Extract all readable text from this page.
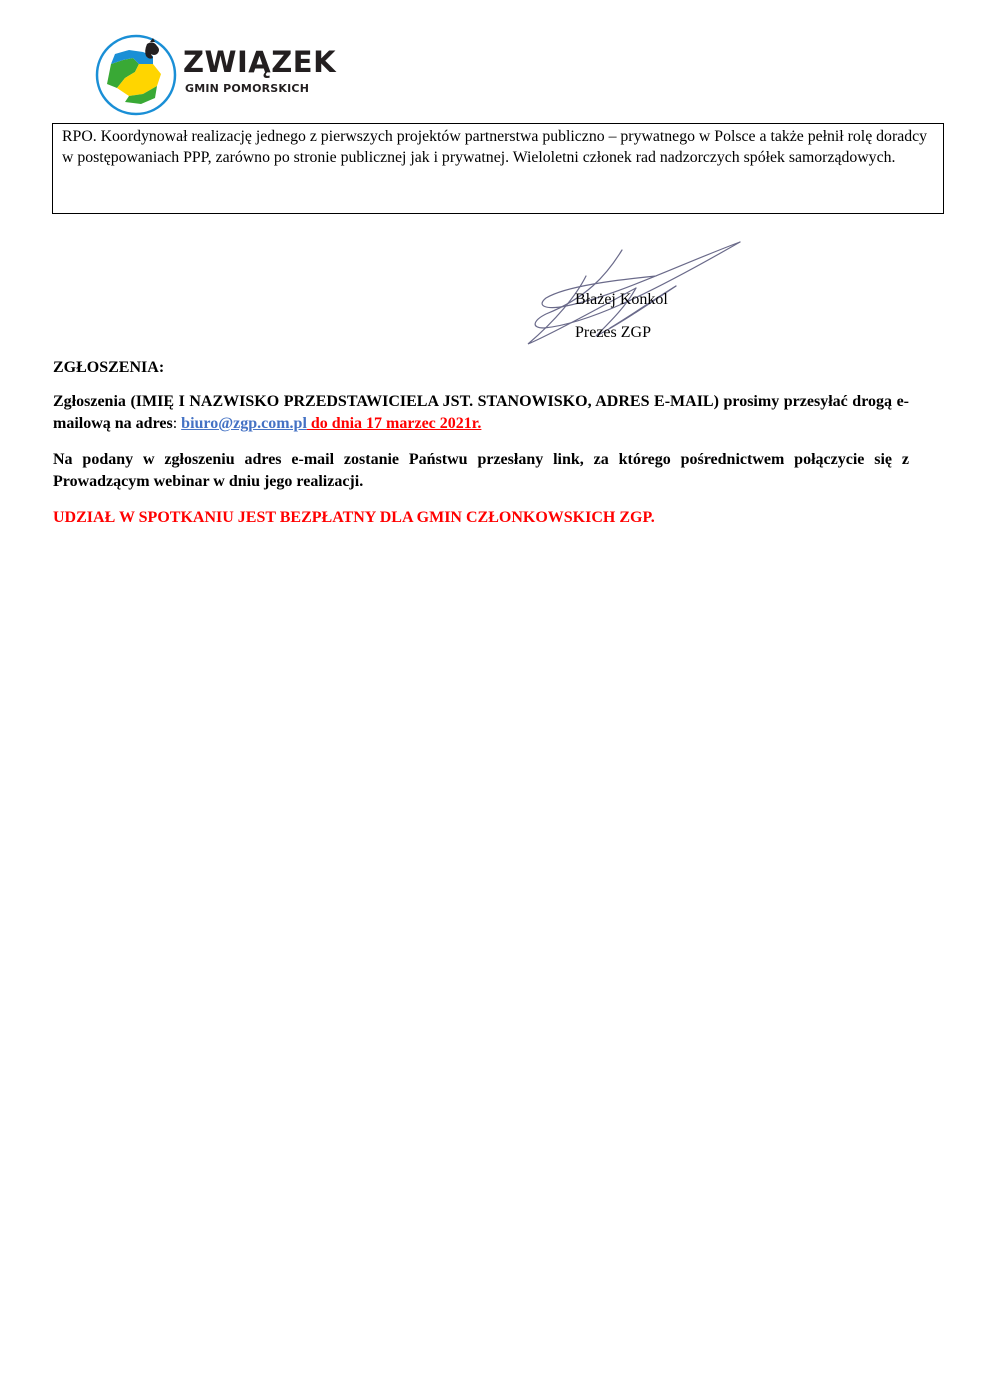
ZWIĄZEK
GMIN POMORSKICH
RPO. Koordynował realizację jednego z pierwszych projektów partnerstwa publiczno – prywatnego w Polsce a także pełnił rolę doradcy w postępowaniach PPP, zarówno po stronie publicznej jak i prywatnej. Wieloletni członek rad nadzorczych spółek samorządowych.
Błażej Konkol
Prezes ZGP
ZGŁOSZENIA:
Zgłoszenia (IMIĘ I NAZWISKO PRZEDSTAWICIELA JST. STANOWISKO, ADRES E-MAIL) prosimy przesyłać drogą e-mailową na adres: biuro@zgp.com.pl do dnia 17 marzec 2021r.
Na podany w zgłoszeniu adres e-mail zostanie Państwu przesłany link, za którego pośrednictwem połączycie się z Prowadzącym webinar w dniu jego realizacji.
UDZIAŁ W SPOTKANIU JEST BEZPŁATNY DLA GMIN CZŁONKOWSKICH ZGP.
